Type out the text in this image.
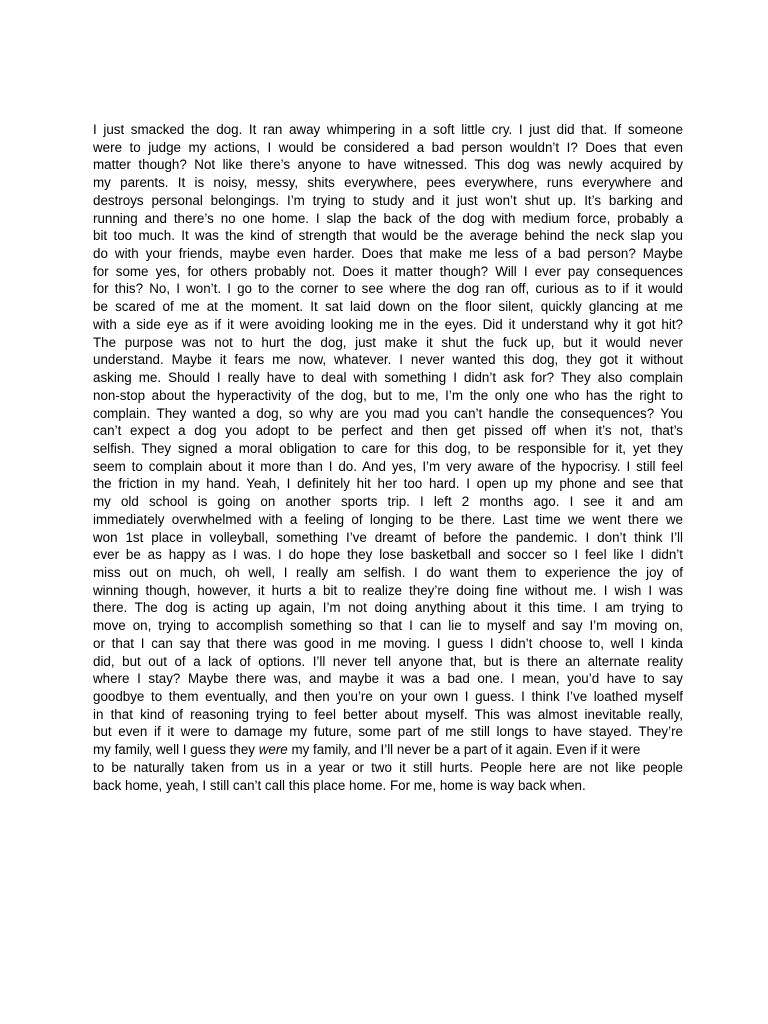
I just smacked the dog. It ran away whimpering in a soft little cry. I just did that. If someone
were to judge my actions, I would be considered a bad person wouldn’t I? Does that even
matter though? Not like there’s anyone to have witnessed. This dog was newly acquired by
my parents. It is noisy, messy, shits everywhere, pees everywhere, runs everywhere and
destroys personal belongings. I’m trying to study and it just won’t shut up. It’s barking and
running and there’s no one home. I slap the back of the dog with medium force, probably a
bit too much. It was the kind of strength that would be the average behind the neck slap you
do with your friends, maybe even harder. Does that make me less of a bad person? Maybe
for some yes, for others probably not. Does it matter though? Will I ever pay consequences
for this? No, I won’t. I go to the corner to see where the dog ran off, curious as to if it would
be scared of me at the moment. It sat laid down on the floor silent, quickly glancing at me
with a side eye as if it were avoiding looking me in the eyes. Did it understand why it got hit?
The purpose was not to hurt the dog, just make it shut the fuck up, but it would never
understand. Maybe it fears me now, whatever. I never wanted this dog, they got it without
asking me. Should I really have to deal with something I didn’t ask for? They also complain
non-stop about the hyperactivity of the dog, but to me, I’m the only one who has the right to
complain. They wanted a dog, so why are you mad you can’t handle the consequences? You
can’t expect a dog you adopt to be perfect and then get pissed off when it’s not, that’s
selfish. They signed a moral obligation to care for this dog, to be responsible for it, yet they
seem to complain about it more than I do. And yes, I’m very aware of the hypocrisy. I still feel
the friction in my hand. Yeah, I definitely hit her too hard. I open up my phone and see that
my old school is going on another sports trip. I left 2 months ago. I see it and am
immediately overwhelmed with a feeling of longing to be there. Last time we went there we
won 1st place in volleyball, something I’ve dreamt of before the pandemic. I don’t think I’ll
ever be as happy as I was. I do hope they lose basketball and soccer so I feel like I didn’t
miss out on much, oh well, I really am selfish. I do want them to experience the joy of
winning though, however, it hurts a bit to realize they’re doing fine without me. I wish I was
there. The dog is acting up again, I’m not doing anything about it this time. I am trying to
move on, trying to accomplish something so that I can lie to myself and say I’m moving on,
or that I can say that there was good in me moving. I guess I didn’t choose to, well I kinda
did, but out of a lack of options. I’ll never tell anyone that, but is there an alternate reality
where I stay? Maybe there was, and maybe it was a bad one. I mean, you’d have to say
goodbye to them eventually, and then you’re on your own I guess. I think I’ve loathed myself
in that kind of reasoning trying to feel better about myself. This was almost inevitable really,
but even if it were to damage my future, some part of me still longs to have stayed. They’re
my family, well I guess they were my family, and I’ll never be a part of it again. Even if it were
to be naturally taken from us in a year or two it still hurts. People here are not like people
back home, yeah, I still can’t call this place home. For me, home is way back when.
